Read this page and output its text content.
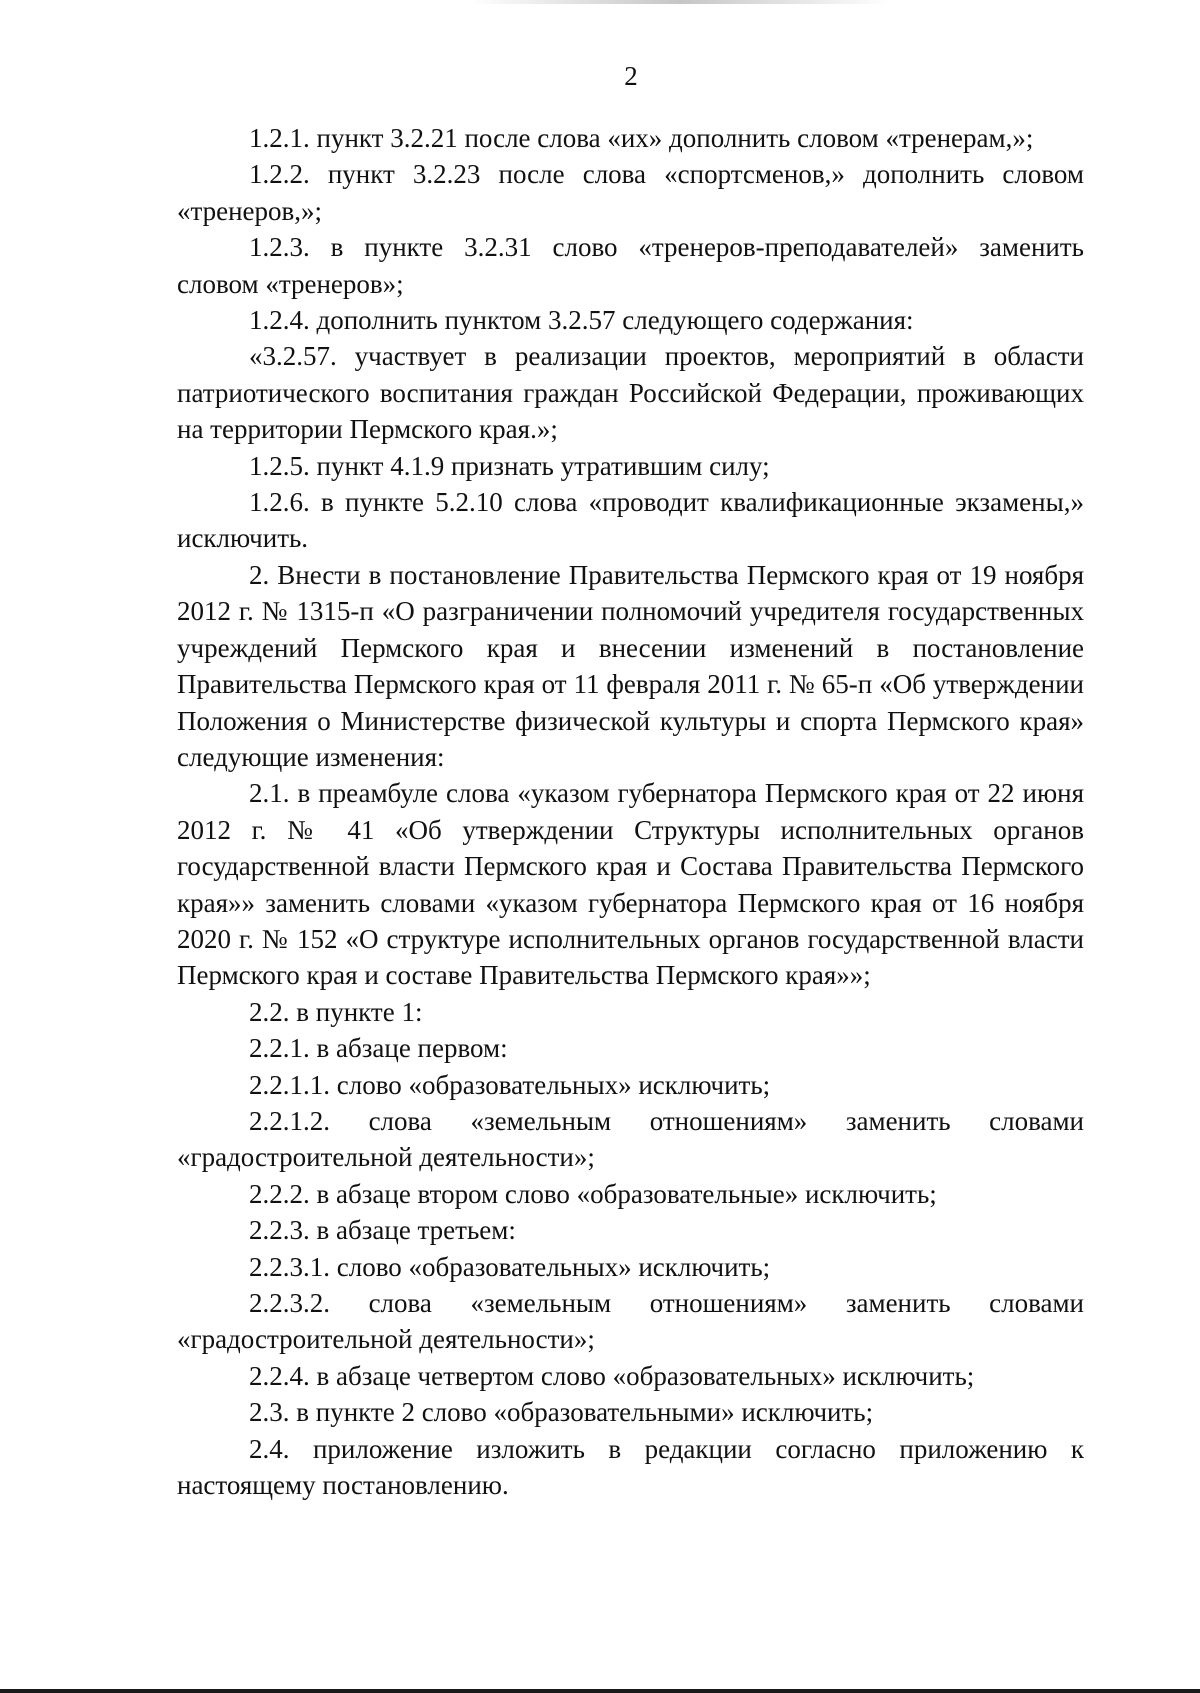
2

1.2.1. пункт 3.2.21 после слова «их» дополнить словом «тренерам,»;

1.2.2. пункт 3.2.23 после слова «спортсменов,» дополнить словом «тренеров,»;

1.2.3. в пункте 3.2.31 слово «тренеров-преподавателей» заменить словом «тренеров»;

1.2.4. дополнить пунктом 3.2.57 следующего содержания:

«3.2.57. участвует в реализации проектов, мероприятий в области патриотического воспитания граждан Российской Федерации, проживающих на территории Пермского края.»;

1.2.5. пункт 4.1.9 признать утратившим силу;

1.2.6. в пункте 5.2.10 слова «проводит квалификационные экзамены,» исключить.

2. Внести в постановление Правительства Пермского края от 19 ноября 2012 г. № 1315-п «О разграничении полномочий учредителя государственных учреждений Пермского края и внесении изменений в постановление Правительства Пермского края от 11 февраля 2011 г. № 65-п «Об утверждении Положения о Министерстве физической культуры и спорта Пермского края» следующие изменения:

2.1. в преамбуле слова «указом губернатора Пермского края от 22 июня 2012 г. № 41 «Об утверждении Структуры исполнительных органов государственной власти Пермского края и Состава Правительства Пермского края»» заменить словами «указом губернатора Пермского края от 16 ноября 2020 г. № 152 «О структуре исполнительных органов государственной власти Пермского края и составе Правительства Пермского края»»;

2.2. в пункте 1:

2.2.1. в абзаце первом:

2.2.1.1. слово «образовательных» исключить;

2.2.1.2. слова «земельным отношениям» заменить словами «градостроительной деятельности»;

2.2.2. в абзаце втором слово «образовательные» исключить;

2.2.3. в абзаце третьем:

2.2.3.1. слово «образовательных» исключить;

2.2.3.2. слова «земельным отношениям» заменить словами «градостроительной деятельности»;

2.2.4. в абзаце четвертом слово «образовательных» исключить;

2.3. в пункте 2 слово «образовательными» исключить;

2.4. приложение изложить в редакции согласно приложению к настоящему постановлению.
